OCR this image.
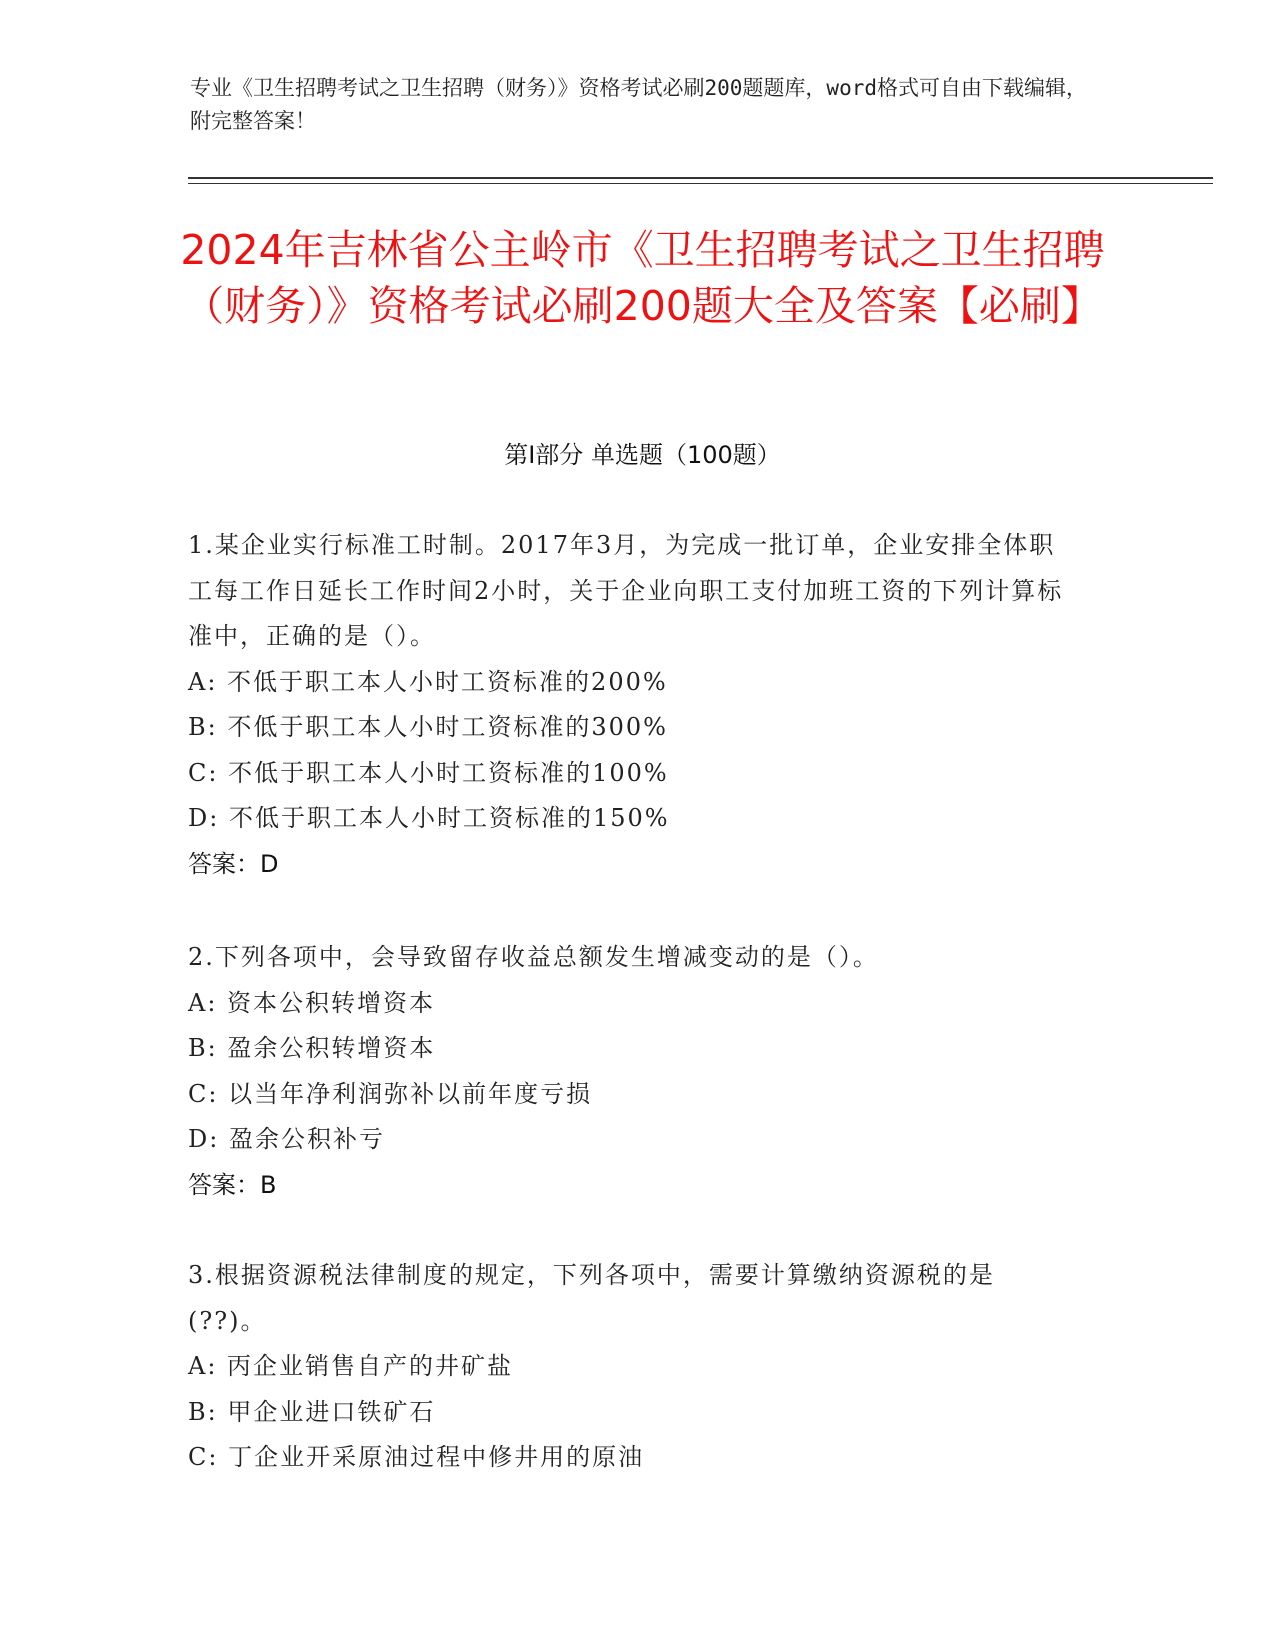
专业《卫生招聘考试之卫生招聘（财务）》资格考试必刷200题题库，word格式可自由下载编辑，附完整答案！
2024年吉林省公主岭市《卫生招聘考试之卫生招聘（财务）》资格考试必刷200题大全及答案【必刷】
第Ⅰ部分 单选题（100题）
1.某企业实行标准工时制。2017年3月，为完成一批订单，企业安排全体职工每工作日延长工作时间2小时，关于企业向职工支付加班工资的下列计算标准中，正确的是（）。
A: 不低于职工本人小时工资标准的200%
B: 不低于职工本人小时工资标准的300%
C: 不低于职工本人小时工资标准的100%
D: 不低于职工本人小时工资标准的150%
答案：D
2.下列各项中，会导致留存收益总额发生增减变动的是（）。
A: 资本公积转增资本
B: 盈余公积转增资本
C: 以当年净利润弥补以前年度亏损
D: 盈余公积补亏
答案：B
3.根据资源税法律制度的规定，下列各项中，需要计算缴纳资源税的是(??)。
A: 丙企业销售自产的井矿盐
B: 甲企业进口铁矿石
C: 丁企业开采原油过程中修井用的原油
